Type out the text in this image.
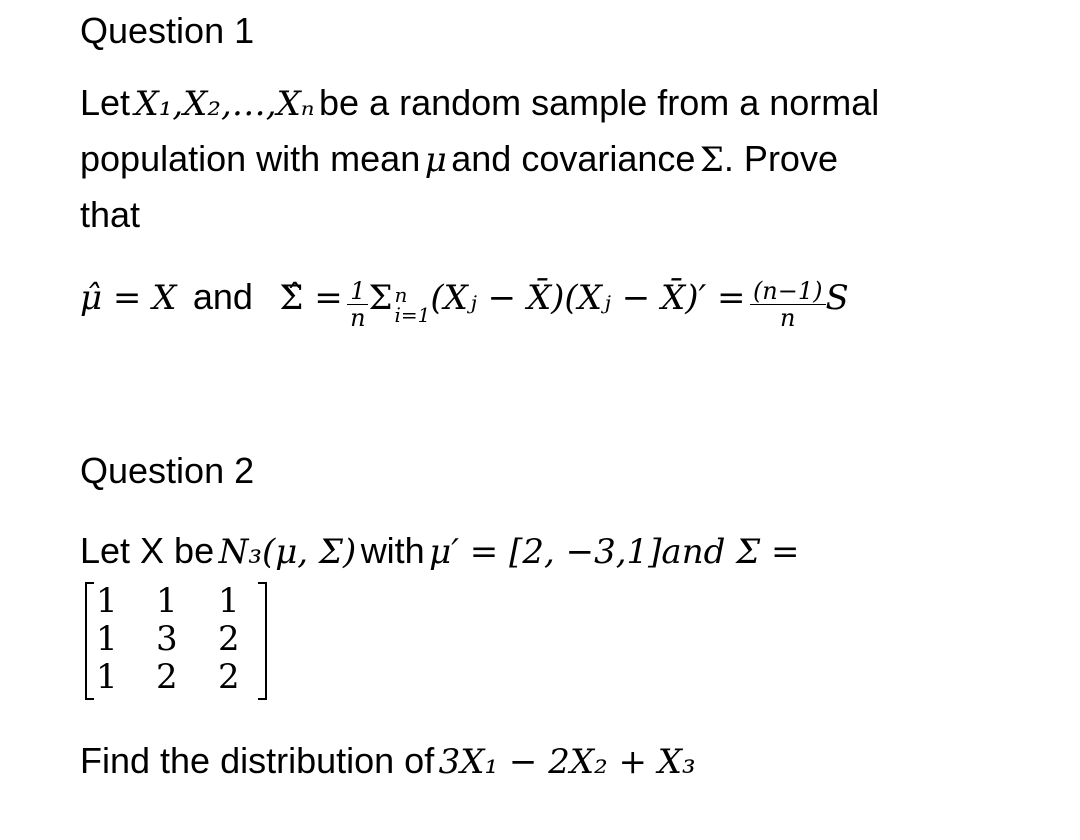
Question 1
Let X₁,X₂,…,Xₙ be a random sample from a normal
population with mean μ and covariance Σ. Prove
that
μ̂ = X and Σ̂ = $\frac{1}{n}$ Σ n
i=1 (Xⱼ − X̄)(Xⱼ − X̄)′ = $\frac{(n-1)}{n}$ S
Question 2
Let X be N₃(μ, Σ) with μ′ = [2, −3,1]and Σ =
1	1	1
1	3	2
1	2	2
Find the distribution of 3X₁ − 2X₂ + X₃
